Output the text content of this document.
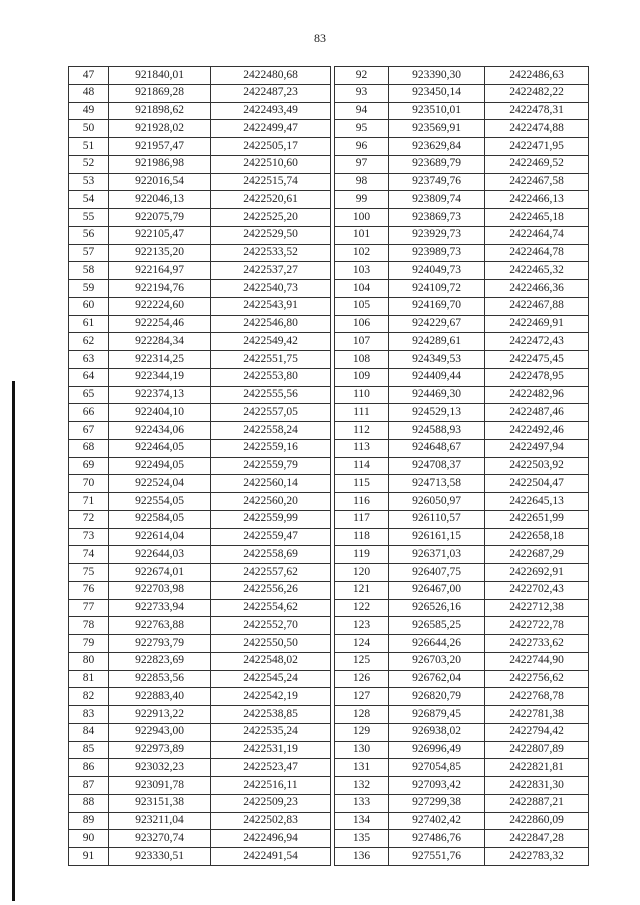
83
47	921840,01	2422480,68
48	921869,28	2422487,23
49	921898,62	2422493,49
50	921928,02	2422499,47
51	921957,47	2422505,17
52	921986,98	2422510,60
53	922016,54	2422515,74
54	922046,13	2422520,61
55	922075,79	2422525,20
56	922105,47	2422529,50
57	922135,20	2422533,52
58	922164,97	2422537,27
59	922194,76	2422540,73
60	922224,60	2422543,91
61	922254,46	2422546,80
62	922284,34	2422549,42
63	922314,25	2422551,75
64	922344,19	2422553,80
65	922374,13	2422555,56
66	922404,10	2422557,05
67	922434,06	2422558,24
68	922464,05	2422559,16
69	922494,05	2422559,79
70	922524,04	2422560,14
71	922554,05	2422560,20
72	922584,05	2422559,99
73	922614,04	2422559,47
74	922644,03	2422558,69
75	922674,01	2422557,62
76	922703,98	2422556,26
77	922733,94	2422554,62
78	922763,88	2422552,70
79	922793,79	2422550,50
80	922823,69	2422548,02
81	922853,56	2422545,24
82	922883,40	2422542,19
83	922913,22	2422538,85
84	922943,00	2422535,24
85	922973,89	2422531,19
86	923032,23	2422523,47
87	923091,78	2422516,11
88	923151,38	2422509,23
89	923211,04	2422502,83
90	923270,74	2422496,94
91	923330,51	2422491,54
92	923390,30	2422486,63
93	923450,14	2422482,22
94	923510,01	2422478,31
95	923569,91	2422474,88
96	923629,84	2422471,95
97	923689,79	2422469,52
98	923749,76	2422467,58
99	923809,74	2422466,13
100	923869,73	2422465,18
101	923929,73	2422464,74
102	923989,73	2422464,78
103	924049,73	2422465,32
104	924109,72	2422466,36
105	924169,70	2422467,88
106	924229,67	2422469,91
107	924289,61	2422472,43
108	924349,53	2422475,45
109	924409,44	2422478,95
110	924469,30	2422482,96
111	924529,13	2422487,46
112	924588,93	2422492,46
113	924648,67	2422497,94
114	924708,37	2422503,92
115	924713,58	2422504,47
116	926050,97	2422645,13
117	926110,57	2422651,99
118	926161,15	2422658,18
119	926371,03	2422687,29
120	926407,75	2422692,91
121	926467,00	2422702,43
122	926526,16	2422712,38
123	926585,25	2422722,78
124	926644,26	2422733,62
125	926703,20	2422744,90
126	926762,04	2422756,62
127	926820,79	2422768,78
128	926879,45	2422781,38
129	926938,02	2422794,42
130	926996,49	2422807,89
131	927054,85	2422821,81
132	927093,42	2422831,30
133	927299,38	2422887,21
134	927402,42	2422860,09
135	927486,76	2422847,28
136	927551,76	2422783,32
